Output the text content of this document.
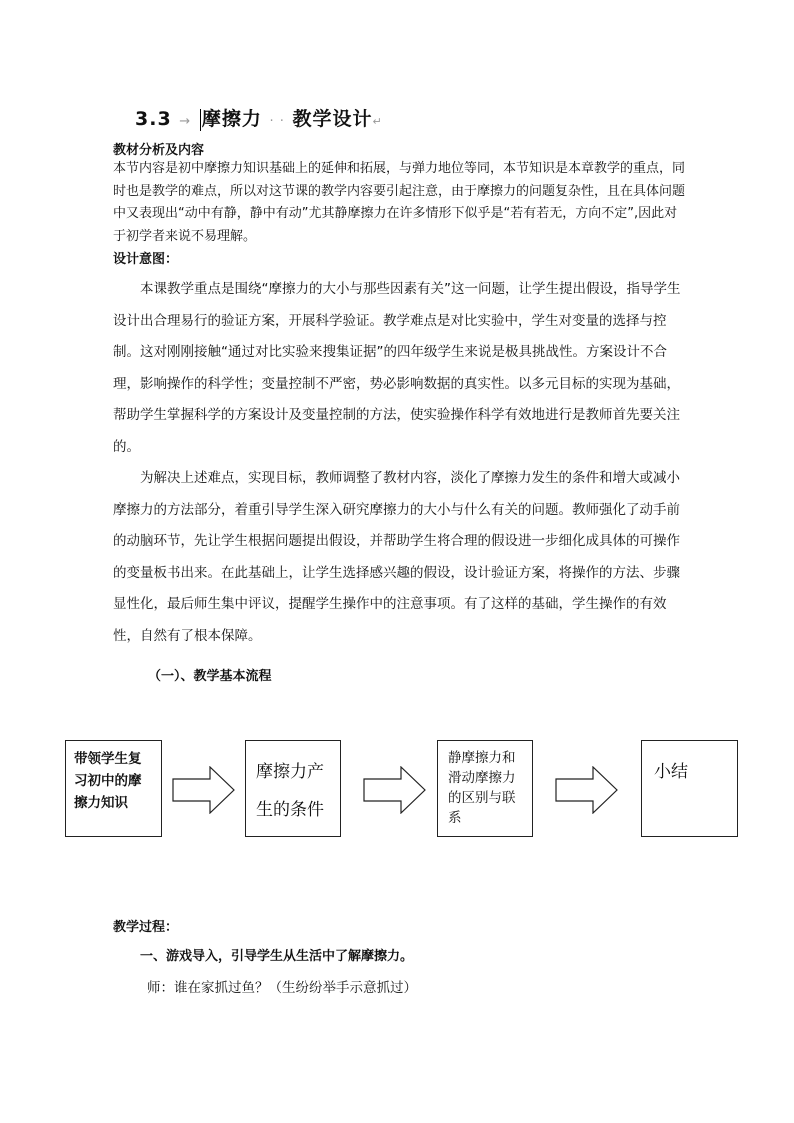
3.3 → 摩擦力 · · 教学设计↵
教材分析及内容
本节内容是初中摩擦力知识基础上的延伸和拓展，与弹力地位等同，本节知识是本章教学的重点，同时也是教学的难点，所以对这节课的教学内容要引起注意，由于摩擦力的问题复杂性，且在具体问题中又表现出“动中有静，静中有动”尤其静摩擦力在许多情形下似乎是“若有若无，方向不定”,因此对于初学者来说不易理解。
设计意图：
本课教学重点是围绕“摩擦力的大小与那些因素有关”这一问题，让学生提出假设，指导学生设计出合理易行的验证方案，开展科学验证。教学难点是对比实验中，学生对变量的选择与控制。这对刚刚接触“通过对比实验来搜集证据”的四年级学生来说是极具挑战性。方案设计不合理，影响操作的科学性；变量控制不严密，势必影响数据的真实性。以多元目标的实现为基础，帮助学生掌握科学的方案设计及变量控制的方法，使实验操作科学有效地进行是教师首先要关注的。
为解决上述难点，实现目标，教师调整了教材内容，淡化了摩擦力发生的条件和增大或减小摩擦力的方法部分，着重引导学生深入研究摩擦力的大小与什么有关的问题。教师强化了动手前的动脑环节，先让学生根据问题提出假设，并帮助学生将合理的假设进一步细化成具体的可操作的变量板书出来。在此基础上，让学生选择感兴趣的假设，设计验证方案，将操作的方法、步骤显性化，最后师生集中评议，提醒学生操作中的注意事项。有了这样的基础，学生操作的有效性，自然有了根本保障。
（一）、教学基本流程
带领学生复
习初中的摩
擦力知识
摩擦力产
生的条件
静摩擦力和
滑动摩擦力
的区别与联
系
小结
教学过程：
一、游戏导入，引导学生从生活中了解摩擦力。
师：谁在家抓过鱼？（生纷纷举手示意抓过）
